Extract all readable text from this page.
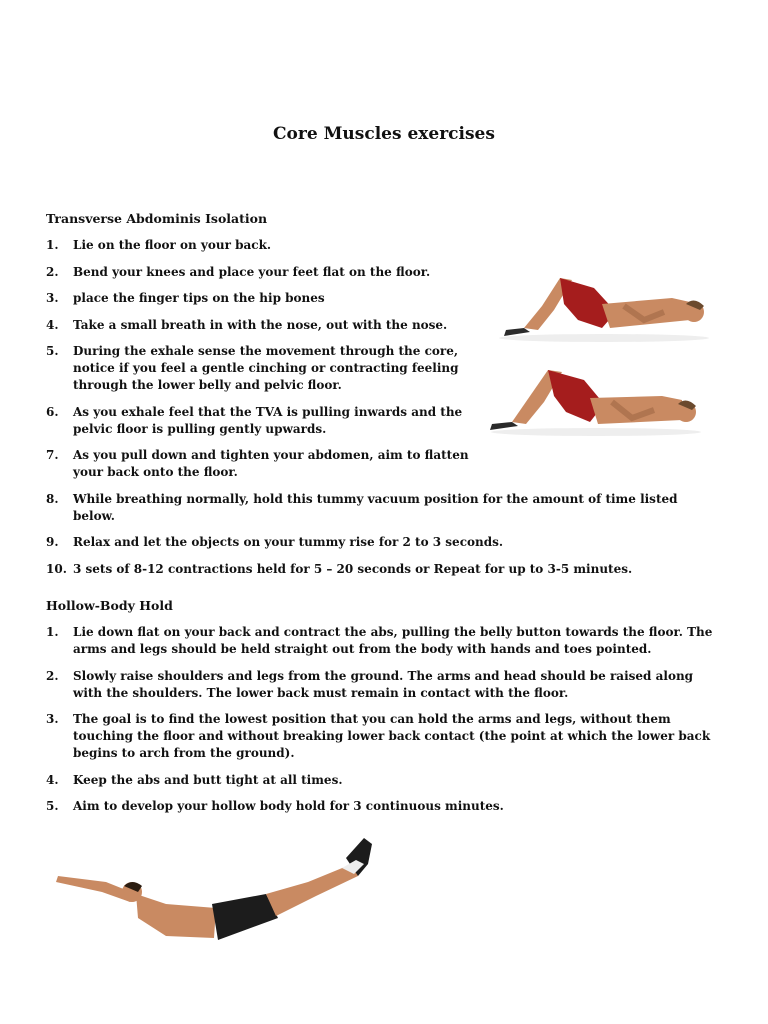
Core Muscles exercises
Transverse Abdominis Isolation
1. Lie on the floor on your back.
2. Bend your knees and place your feet flat on the floor.
3. place the finger tips on the hip bones
4. Take a small breath in with the nose, out with the nose.
5. During the exhale sense the movement through the core, notice if you feel a gentle cinching or contracting feeling through the lower belly and pelvic floor.
6. As you exhale feel that the TVA is pulling inwards and the pelvic floor is pulling gently upwards.
7. As you pull down and tighten your abdomen, aim to flatten your back onto the floor.
8. While breathing normally, hold this tummy vacuum position for the amount of time listed below.
9. Relax and let the objects on your tummy rise for 2 to 3 seconds.
10. 3 sets of 8-12 contractions held for 5 – 20 seconds or Repeat for up to 3-5 minutes.
Hollow-Body Hold
1. Lie down flat on your back and contract the abs, pulling the belly button towards the floor. The arms and legs should be held straight out from the body with hands and toes pointed.
2. Slowly raise shoulders and legs from the ground. The arms and head should be raised along with the shoulders. The lower back must remain in contact with the floor.
3. The goal is to find the lowest position that you can hold the arms and legs, without them touching the floor and without breaking lower back contact (the point at which the lower back begins to arch from the ground).
4. Keep the abs and butt tight at all times.
5. Aim to develop your hollow body hold for 3 continuous minutes.
